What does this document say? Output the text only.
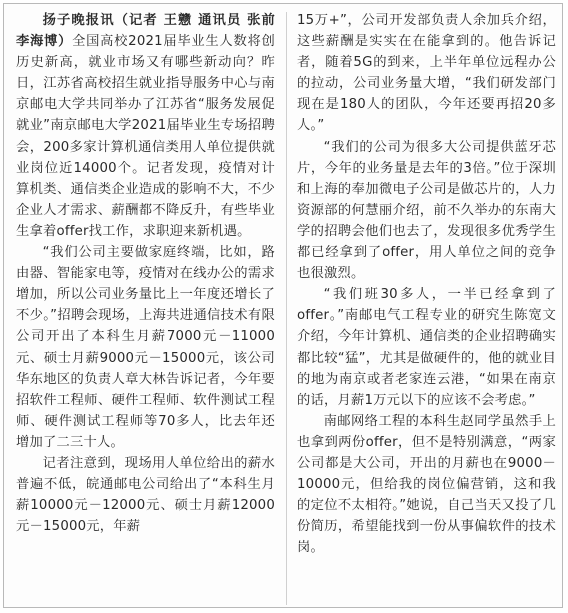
扬子晚报讯（记者 王戆 通讯员 张前 李海博）全国高校2021届毕业生人数将创历史新高，就业市场又有哪些新动向？昨日，江苏省高校招生就业指导服务中心与南京邮电大学共同举办了江苏省“服务发展促就业”南京邮电大学2021届毕业生专场招聘会，200多家计算机通信类用人单位提供就业岗位近14000个。记者发现，疫情对计算机类、通信类企业造成的影响不大，不少企业人才需求、薪酬都不降反升，有些毕业生拿着offer找工作，求职迎来新机遇。

“我们公司主要做家庭终端，比如，路由器、智能家电等，疫情对在线办公的需求增加，所以公司业务量比上一年度还增长了不少。”招聘会现场，上海共进通信技术有限公司开出了本科生月薪7000元－11000元、硕士月薪9000元－15000元，该公司华东地区的负责人章大林告诉记者，今年要招软件工程师、硬件工程师、软件测试工程师、硬件测试工程师等70多人，比去年还增加了二三十人。

记者注意到，现场用人单位给出的薪水普遍不低，皖通邮电公司给出了“本科生月薪10000元－12000元、硕士月薪12000元－15000元，年薪

15万+”，公司开发部负责人余加兵介绍，这些薪酬是实实在在能拿到的。他告诉记者，随着5G的到来，上半年单位远程办公的拉动，公司业务量大增，“我们研发部门现在是180人的团队，今年还要再招20多人。”

“我们的公司为很多大公司提供蓝牙芯片，今年的业务量是去年的3倍。”位于深圳和上海的奉加微电子公司是做芯片的，人力资源部的何慧丽介绍，前不久举办的东南大学的招聘会他们也去了，发现很多优秀学生都已经拿到了offer，用人单位之间的竞争也很激烈。

“我们班30多人，一半已经拿到了offer。”南邮电气工程专业的研究生陈宽文介绍，今年计算机、通信类的企业招聘确实都比较“猛”，尤其是做硬件的，他的就业目的地为南京或者老家连云港，“如果在南京的话，月薪1万元以下的应该不会考虑。”

南邮网络工程的本科生赵同学虽然手上也拿到两份offer，但不是特别满意，“两家公司都是大公司，开出的月薪也在9000－10000元，但给我的岗位偏营销，这和我的定位不太相符。”她说，自己当天又投了几份简历，希望能找到一份从事偏软件的技术岗。
